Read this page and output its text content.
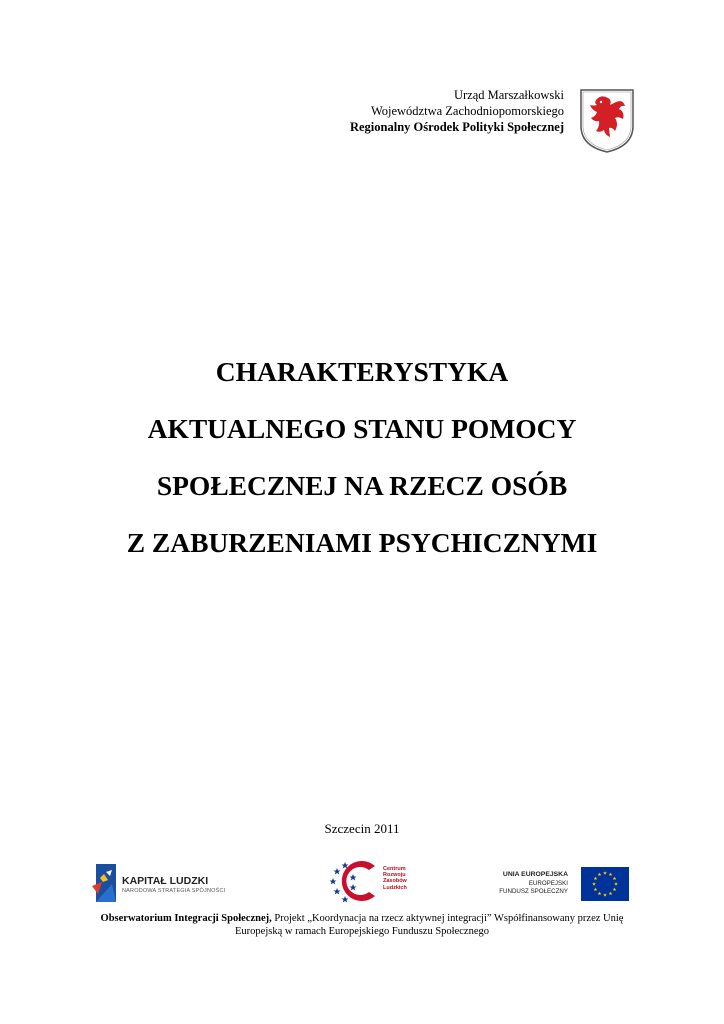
Urząd Marszałkowski
Województwa Zachodniopomorskiego
Regionalny Ośrodek Polityki Społecznej
CHARAKTERYSTYKA
AKTUALNEGO STANU POMOCY
SPOŁECZNEJ NA RZECZ OSÓB
Z ZABURZENIAMI PSYCHICZNYMI
Szczecin 2011
KAPITAŁ LUDZKI
NARODOWA STRATEGIA SPÓJNOŚCI
Centrum
Rozwoju
Zasobów
Ludzkich
UNIA EUROPEJSKA
EUROPEJSKI
FUNDUSZ SPOŁECZNY
Obserwatorium Integracji Społecznej, Projekt „Koordynacja na rzecz aktywnej integracji” Współfinansowany przez Unię
Europejską w ramach Europejskiego Funduszu Społecznego
